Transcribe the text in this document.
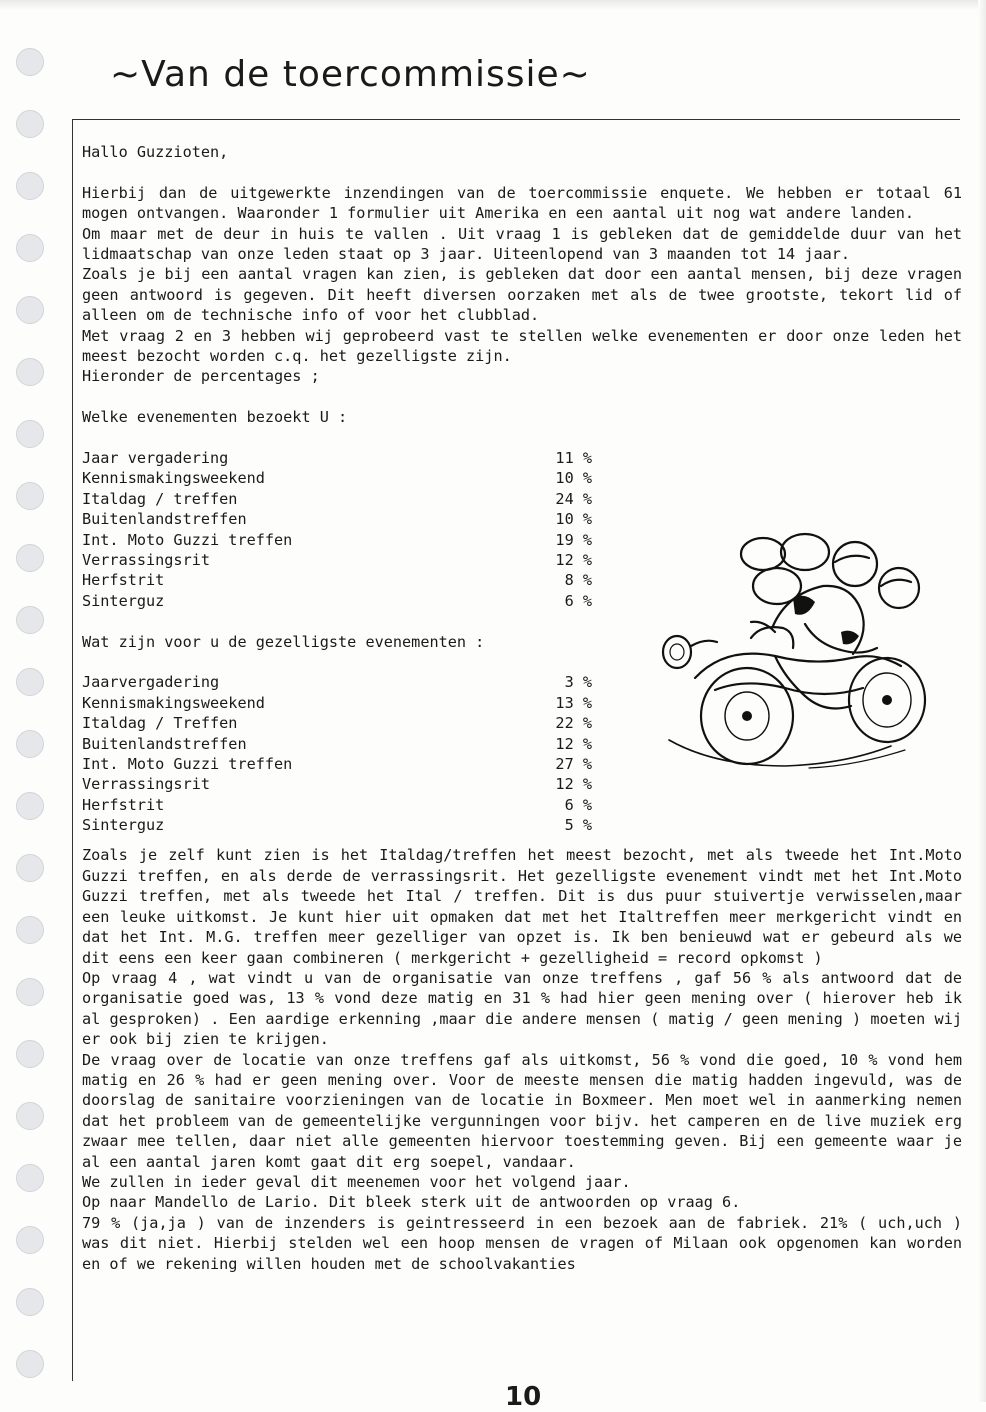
~Van de toercommissie~

Hallo Guzzioten,

Hierbij dan de uitgewerkte inzendingen van de toercommissie enquete. We hebben er totaal 61 mogen ontvangen. Waaronder 1 formulier uit Amerika en een aantal uit nog wat andere landen.

Om maar met de deur in huis te vallen . Uit vraag 1 is gebleken dat de gemiddelde duur van het lidmaatschap van onze leden staat op 3 jaar. Uiteenlopend van 3 maanden tot 14 jaar.

Zoals je bij een aantal vragen kan zien, is gebleken dat door een aantal mensen, bij deze vragen geen antwoord is gegeven. Dit heeft diversen oorzaken met als de twee grootste, tekort lid of alleen om de technische info of voor het clubblad.

Met vraag 2 en 3 hebben wij geprobeerd vast te stellen welke evenementen er door onze leden het meest bezocht worden c.q. het gezelligste zijn.

Hieronder de percentages ;

Welke evenementen bezoekt U :

Jaar vergadering	11 %
Kennismakingsweekend	10 %
Italdag / treffen	24 %
Buitenlandstreffen	10 %
Int. Moto Guzzi treffen	19 %
Verrassingsrit	12 %
Herfstrit	8 %
Sinterguz	6 %

Wat zijn voor u de gezelligste evenementen :

Jaarvergadering	3 %
Kennismakingsweekend	13 %
Italdag / Treffen	22 %
Buitenlandstreffen	12 %
Int. Moto Guzzi treffen	27 %
Verrassingsrit	12 %
Herfstrit	6 %
Sinterguz	5 %

Zoals je zelf kunt zien is het Italdag/treffen het meest bezocht, met als tweede het Int.Moto Guzzi treffen, en als derde de verrassingsrit. Het gezelligste evenement vindt met het Int.Moto Guzzi treffen, met als tweede het Ital / treffen. Dit is dus puur stuivertje verwisselen,maar een leuke uitkomst. Je kunt hier uit opmaken dat met het Italtreffen meer merkgericht vindt en dat het Int. M.G. treffen meer gezelliger van opzet is. Ik ben benieuwd wat er gebeurd als we dit eens een keer gaan combineren ( merkgericht + gezelligheid = record opkomst )

Op vraag 4 , wat vindt u van de organisatie van onze treffens , gaf 56 % als antwoord dat de organisatie goed was, 13 % vond deze matig en 31 % had hier geen mening over ( hierover heb ik al gesproken) . Een aardige erkenning ,maar die andere mensen ( matig / geen mening ) moeten wij er ook bij zien te krijgen.

De vraag over de locatie van onze treffens gaf als uitkomst, 56 % vond die goed, 10 % vond hem matig en 26 % had er geen mening over. Voor de meeste mensen die matig hadden ingevuld, was de doorslag de sanitaire voorzieningen van de locatie in Boxmeer. Men moet wel in aanmerking nemen dat het probleem van de gemeentelijke vergunningen voor bijv. het camperen en de live muziek erg zwaar mee tellen, daar niet alle gemeenten hiervoor toestemming geven. Bij een gemeente waar je al een aantal jaren komt gaat dit erg soepel, vandaar.

We zullen in ieder geval dit meenemen voor het volgend jaar.

Op naar Mandello de Lario. Dit bleek sterk uit de antwoorden op vraag 6.

79 % (ja,ja ) van de inzenders is geintresseerd in een bezoek aan de fabriek. 21% ( uch,uch ) was dit niet. Hierbij stelden wel een hoop mensen de vragen of Milaan ook opgenomen kan worden en of we rekening willen houden met de schoolvakanties

10
